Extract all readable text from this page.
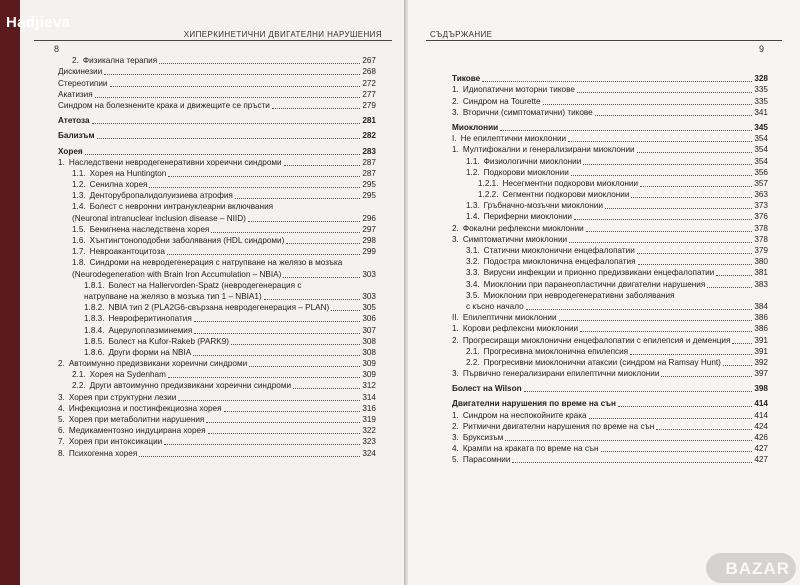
ХИПЕРКИНЕТИЧНИ ДВИГАТЕЛНИ НАРУШЕНИЯ
8
2. Физикална терапия	267
Дискинезии	268
Стереотипии	272
Акатизия	277
Синдром на болезнените крака и движещите се пръсти	279
Атетоза	281
Бализъм	282
Хорея	283
1. Наследствени невродегенеративни хореични синдроми	287
1.1. Хорея на Huntington	287
1.2. Сенилна хорея	295
1.3. Денторубропалидолуизиева атрофия	295
1.4. Болест с невронни интрануклеарни включвания
(Neuronal intranuclear inclusion disease – NIID)	296
1.5. Бенигнена наследствена хорея	297
1.6. Хънтингтоноподобни заболявания (HDL синдроми)	298
1.7. Невроакантоцитоза	299
1.8. Синдроми на невродегенерация с натрупване на желязо в мозъка
(Neurodegeneration with Brain Iron Accumulation – NBIA)	303
1.8.1. Болест на Hallervorden-Spatz (невродегенерация с
натрупване на желязо в мозъка тип 1 – NBIA1)	303
1.8.2. NBIA тип 2 (PLA2G6-свързана невродегенерация – PLAN)	305
1.8.3. Невроферитинопатия	306
1.8.4. Ацерулоплазминемия	307
1.8.5. Болест на Kufor-Rakeb (PARK9)	308
1.8.6. Други форми на NBIA	308
2. Автоимунно предизвикани хореични синдроми	309
2.1. Хорея на Sydenham	309
2.2. Други автоимунно предизвикани хореични синдроми	312
3. Хорея при структурни лезии	314
4. Инфекциозна и постинфекциозна хорея	316
5. Хорея при метаболитни нарушения	319
6. Медикаментозно индуцирана хорея	322
7. Хорея при интоксикации	323
8. Психогенна хорея	324
СЪДЪРЖАНИЕ
9
Тикове	328
1. Идиопатични моторни тикове	335
2. Синдром на Tourette	335
3. Вторични (симптоматични) тикове	341
Миоклонии	345
I. Не епилептични миоклонии	354
1. Мултифокални и генерализирани миоклонии	354
1.1. Физиологични миоклонии	354
1.2. Подкорови миоклонии	356
1.2.1. Несегментни подкорови миоклонии	357
1.2.2. Сегментни подкорови миоклонии	363
1.3. Гръбначно-мозъчни миоклонии	373
1.4. Периферни миоклонии	376
2. Фокални рефлексни миоклонии	378
3. Симптоматични миоклонии	378
3.1. Статични миоклонични енцефалопатии	379
3.2. Подостра миоклонична енцефалопатия	380
3.3. Вирусни инфекции и прионно предизвикани енцефалопатии	381
3.4. Миоклонии при паранеопластични двигателни нарушения	383
3.5. Миоклонии при невродегенеративни заболявания
с късно начало	384
II. Епилептични миоклонии	386
1. Корови рефлексни миоклонии	386
2. Прогресиращи миоклонични енцефалопатии с епилепсия и деменция	391
2.1. Прогресивна миоклонична епилепсия	391
2.2. Прогресивни миоклонични атаксии (синдром на Ramsay Hunt)	392
3. Първично генерализирани епилептични миоклонии	397
Болест на Wilson	398
Двигателни нарушения по време на сън	414
1. Синдром на неспокойните крака	414
2. Ритмични двигателни нарушения по време на сън	424
3. Бруксизъм	426
4. Крампи на краката по време на сън	427
5. Парасомнии	427
Hadjieva
BAZAR
